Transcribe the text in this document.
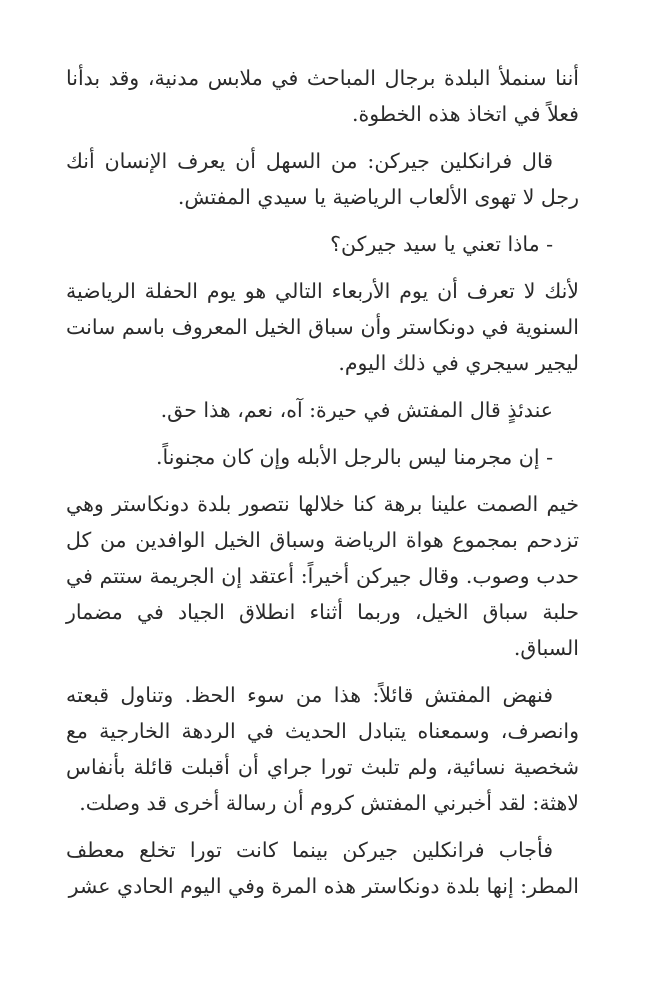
أننا سنملأ البلدة برجال المباحث في ملابس مدنية، وقد بدأنا فعلاً في اتخاذ هذه الخطوة.

قال فرانكلين جيركن: من السهل أن يعرف الإنسان أنك رجل لا تهوى الألعاب الرياضية يا سيدي المفتش.

- ماذا تعني يا سيد جيركن؟

لأنك لا تعرف أن يوم الأربعاء التالي هو يوم الحفلة الرياضية السنوية في دونكاستر وأن سباق الخيل المعروف باسم سانت ليجير سيجري في ذلك اليوم.

عندئذٍ قال المفتش في حيرة: آه، نعم، هذا حق.

- إن مجرمنا ليس بالرجل الأبله وإن كان مجنوناً.

خيم الصمت علينا برهة كنا خلالها نتصور بلدة دونكاستر وهي تزدحم بمجموع هواة الرياضة وسباق الخيل الوافدين من كل حدب وصوب. وقال جيركن أخيراً: أعتقد إن الجريمة ستتم في حلبة سباق الخيل، وربما أثناء انطلاق الجياد في مضمار السباق.

فنهض المفتش قائلاً: هذا من سوء الحظ. وتناول قبعته وانصرف، وسمعناه يتبادل الحديث في الردهة الخارجية مع شخصية نسائية، ولم تلبث تورا جراي أن أقبلت قائلة بأنفاس لاهثة: لقد أخبرني المفتش كروم أن رسالة أخرى قد وصلت.

فأجاب فرانكلين جيركن بينما كانت تورا تخلع معطف المطر: إنها بلدة دونكاستر هذه المرة وفي اليوم الحادي عشر
